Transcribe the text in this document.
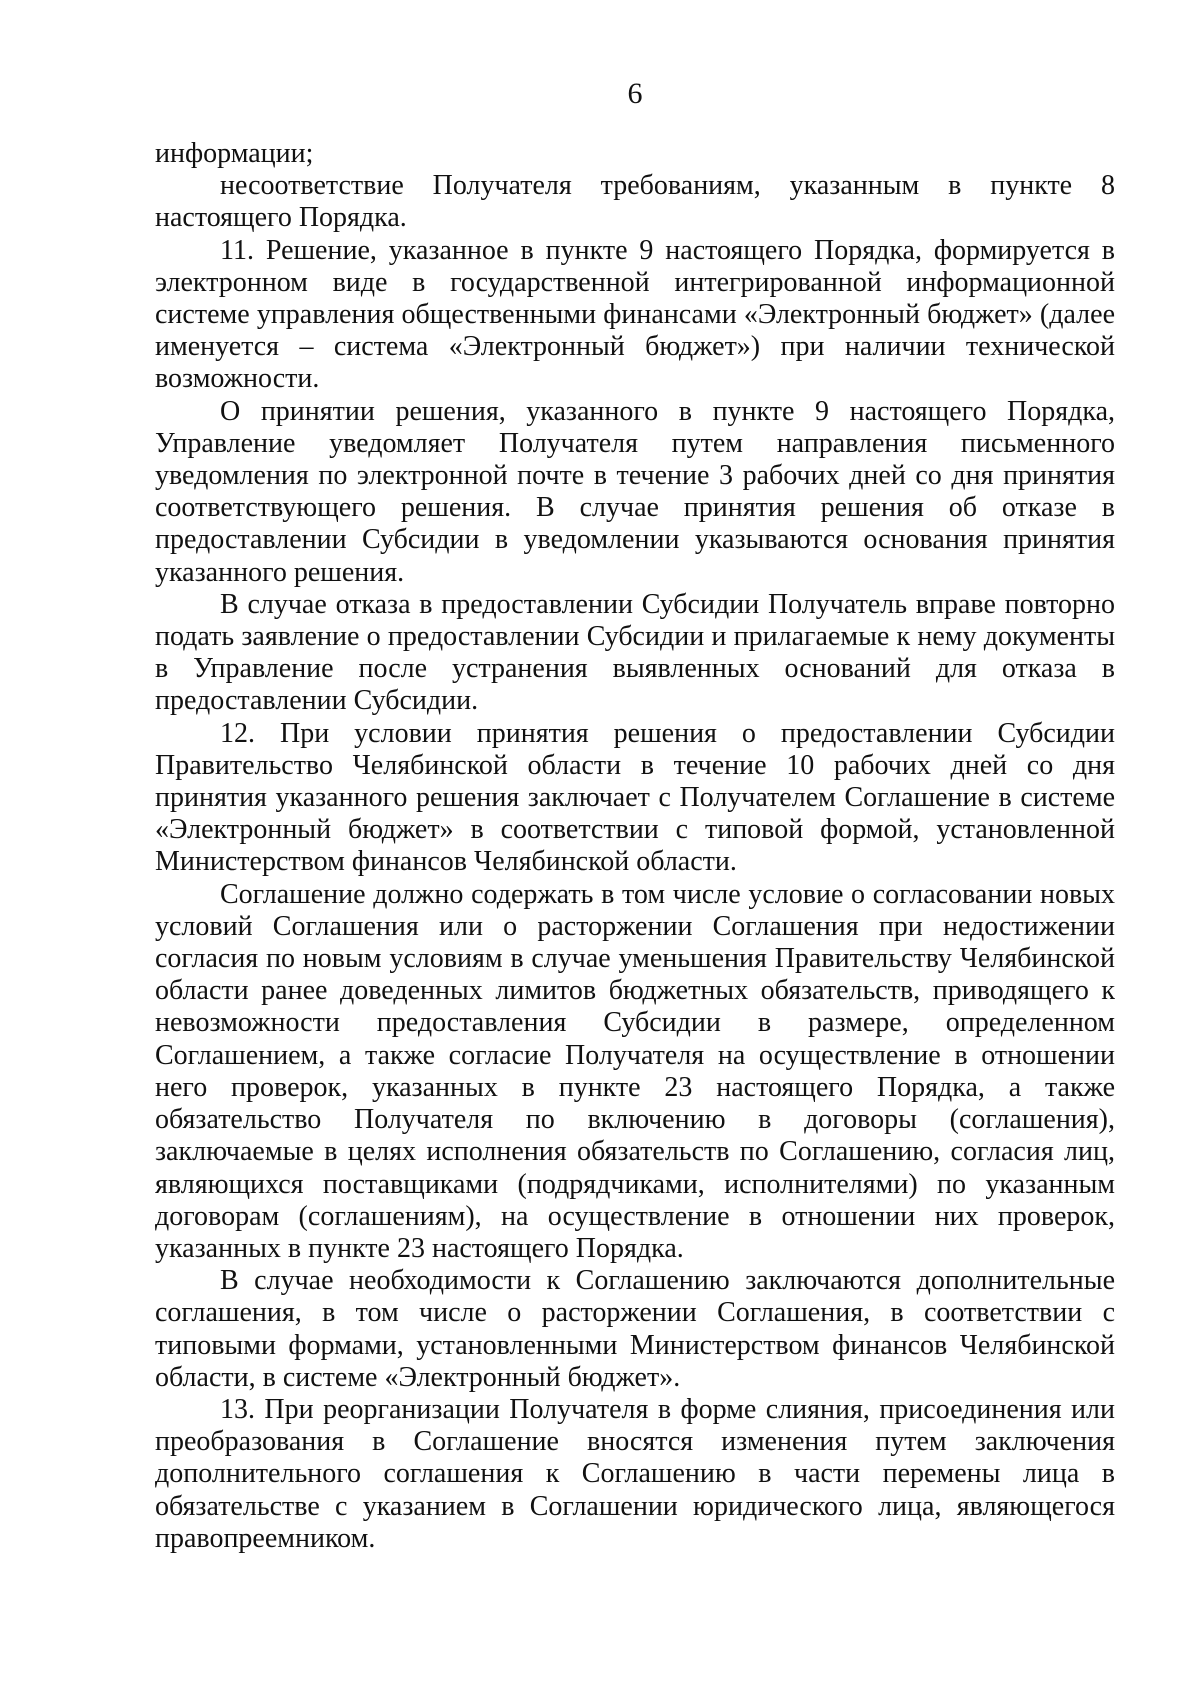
6

информации;

несоответствие Получателя требованиям, указанным в пункте 8 настоящего Порядка.

11. Решение, указанное в пункте 9 настоящего Порядка, формируется в электронном виде в государственной интегрированной информационной системе управления общественными финансами «Электронный бюджет» (далее именуется – система «Электронный бюджет») при наличии технической возможности.

О принятии решения, указанного в пункте 9 настоящего Порядка, Управление уведомляет Получателя путем направления письменного уведомления по электронной почте в течение 3 рабочих дней со дня принятия соответствующего решения. В случае принятия решения об отказе в предоставлении Субсидии в уведомлении указываются основания принятия указанного решения.

В случае отказа в предоставлении Субсидии Получатель вправе повторно подать заявление о предоставлении Субсидии и прилагаемые к нему документы в Управление после устранения выявленных оснований для отказа в предоставлении Субсидии.

12. При условии принятия решения о предоставлении Субсидии Правительство Челябинской области в течение 10 рабочих дней со дня принятия указанного решения заключает с Получателем Соглашение в системе «Электронный бюджет» в соответствии с типовой формой, установленной Министерством финансов Челябинской области.

Соглашение должно содержать в том числе условие о согласовании новых условий Соглашения или о расторжении Соглашения при недостижении согласия по новым условиям в случае уменьшения Правительству Челябинской области ранее доведенных лимитов бюджетных обязательств, приводящего к невозможности предоставления Субсидии в размере, определенном Соглашением, а также согласие Получателя на осуществление в отношении него проверок, указанных в пункте 23 настоящего Порядка, а также обязательство Получателя по включению в договоры (соглашения), заключаемые в целях исполнения обязательств по Соглашению, согласия лиц, являющихся поставщиками (подрядчиками, исполнителями) по указанным договорам (соглашениям), на осуществление в отношении них проверок, указанных в пункте 23 настоящего Порядка.

В случае необходимости к Соглашению заключаются дополнительные соглашения, в том числе о расторжении Соглашения, в соответствии с типовыми формами, установленными Министерством финансов Челябинской области, в системе «Электронный бюджет».

13. При реорганизации Получателя в форме слияния, присоединения или преобразования в Соглашение вносятся изменения путем заключения дополнительного соглашения к Соглашению в части перемены лица в обязательстве с указанием в Соглашении юридического лица, являющегося правопреемником.
